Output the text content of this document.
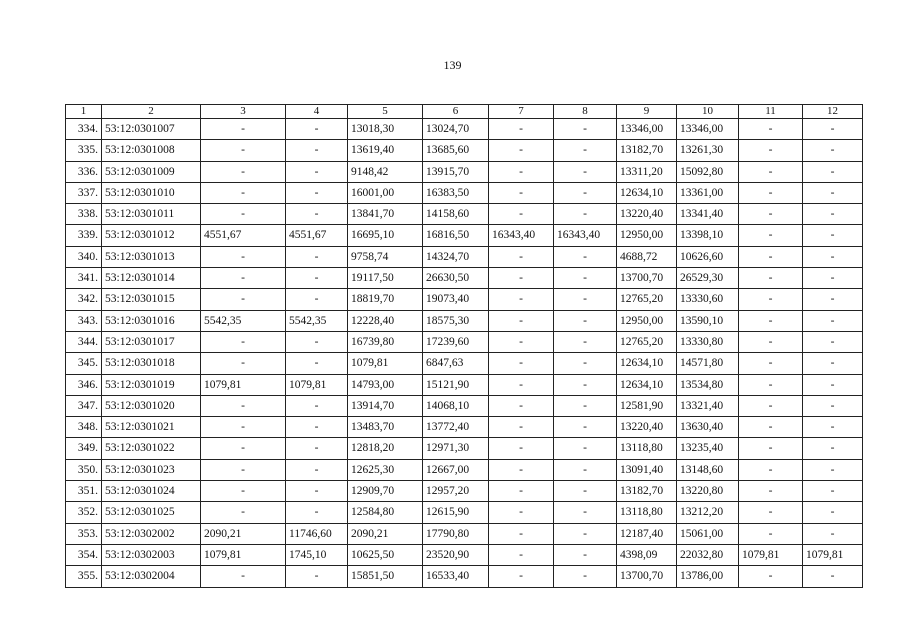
139
1	2	3	4	5	6	7	8	9	10	11	12
334.	53:12:0301007	-	-	13018,30	13024,70	-	-	13346,00	13346,00	-	-
335.	53:12:0301008	-	-	13619,40	13685,60	-	-	13182,70	13261,30	-	-
336.	53:12:0301009	-	-	9148,42	13915,70	-	-	13311,20	15092,80	-	-
337.	53:12:0301010	-	-	16001,00	16383,50	-	-	12634,10	13361,00	-	-
338.	53:12:0301011	-	-	13841,70	14158,60	-	-	13220,40	13341,40	-	-
339.	53:12:0301012	4551,67	4551,67	16695,10	16816,50	16343,40	16343,40	12950,00	13398,10	-	-
340.	53:12:0301013	-	-	9758,74	14324,70	-	-	4688,72	10626,60	-	-
341.	53:12:0301014	-	-	19117,50	26630,50	-	-	13700,70	26529,30	-	-
342.	53:12:0301015	-	-	18819,70	19073,40	-	-	12765,20	13330,60	-	-
343.	53:12:0301016	5542,35	5542,35	12228,40	18575,30	-	-	12950,00	13590,10	-	-
344.	53:12:0301017	-	-	16739,80	17239,60	-	-	12765,20	13330,80	-	-
345.	53:12:0301018	-	-	1079,81	6847,63	-	-	12634,10	14571,80	-	-
346.	53:12:0301019	1079,81	1079,81	14793,00	15121,90	-	-	12634,10	13534,80	-	-
347.	53:12:0301020	-	-	13914,70	14068,10	-	-	12581,90	13321,40	-	-
348.	53:12:0301021	-	-	13483,70	13772,40	-	-	13220,40	13630,40	-	-
349.	53:12:0301022	-	-	12818,20	12971,30	-	-	13118,80	13235,40	-	-
350.	53:12:0301023	-	-	12625,30	12667,00	-	-	13091,40	13148,60	-	-
351.	53:12:0301024	-	-	12909,70	12957,20	-	-	13182,70	13220,80	-	-
352.	53:12:0301025	-	-	12584,80	12615,90	-	-	13118,80	13212,20	-	-
353.	53:12:0302002	2090,21	11746,60	2090,21	17790,80	-	-	12187,40	15061,00	-	-
354.	53:12:0302003	1079,81	1745,10	10625,50	23520,90	-	-	4398,09	22032,80	1079,81	1079,81
355.	53:12:0302004	-	-	15851,50	16533,40	-	-	13700,70	13786,00	-	-
